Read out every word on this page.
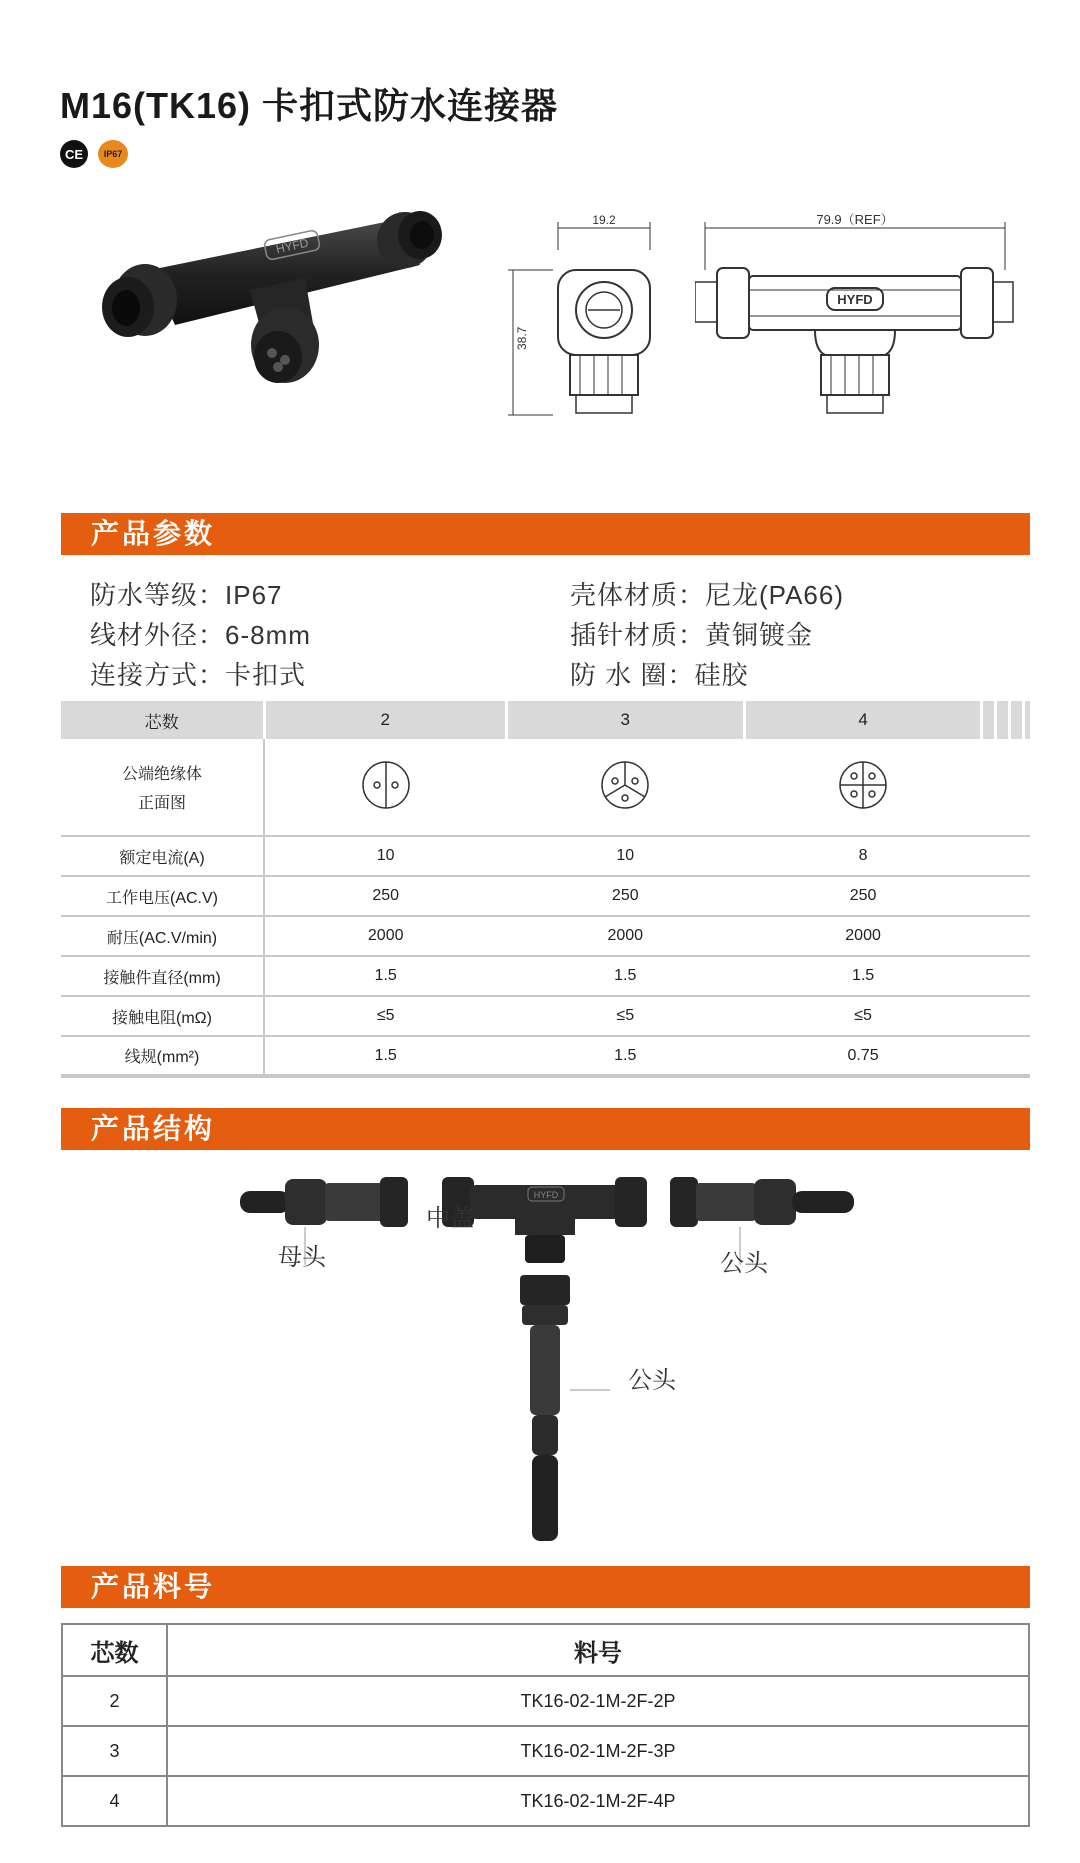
M16(TK16) 卡扣式防水连接器
CE	IP67
HYFD
19.2
38.7
79.9（REF）
HYFD
产品参数
防水等级：IP67
线材外径：6-8mm
连接方式：卡扣式
壳体材质：尼龙(PA66)
插针材质：黄铜镀金
防 水 圈：硅胶
芯数	2	3	4				

公端绝缘体
正面图

额定电流(A)	10	10	8				
工作电压(AC.V)	250	250	250				
耐压(AC.V/min)	2000	2000	2000				
接触件直径(mm)	1.5	1.5	1.5				
接触电阻(mΩ)	≤5	≤5	≤5				
线规(mm²)	1.5	1.5	0.75				
产品结构
HYFD
母头
中盖
公头
公头
产品料号
芯数	料号
2	TK16-02-1M-2F-2P
3	TK16-02-1M-2F-3P
4	TK16-02-1M-2F-4P
